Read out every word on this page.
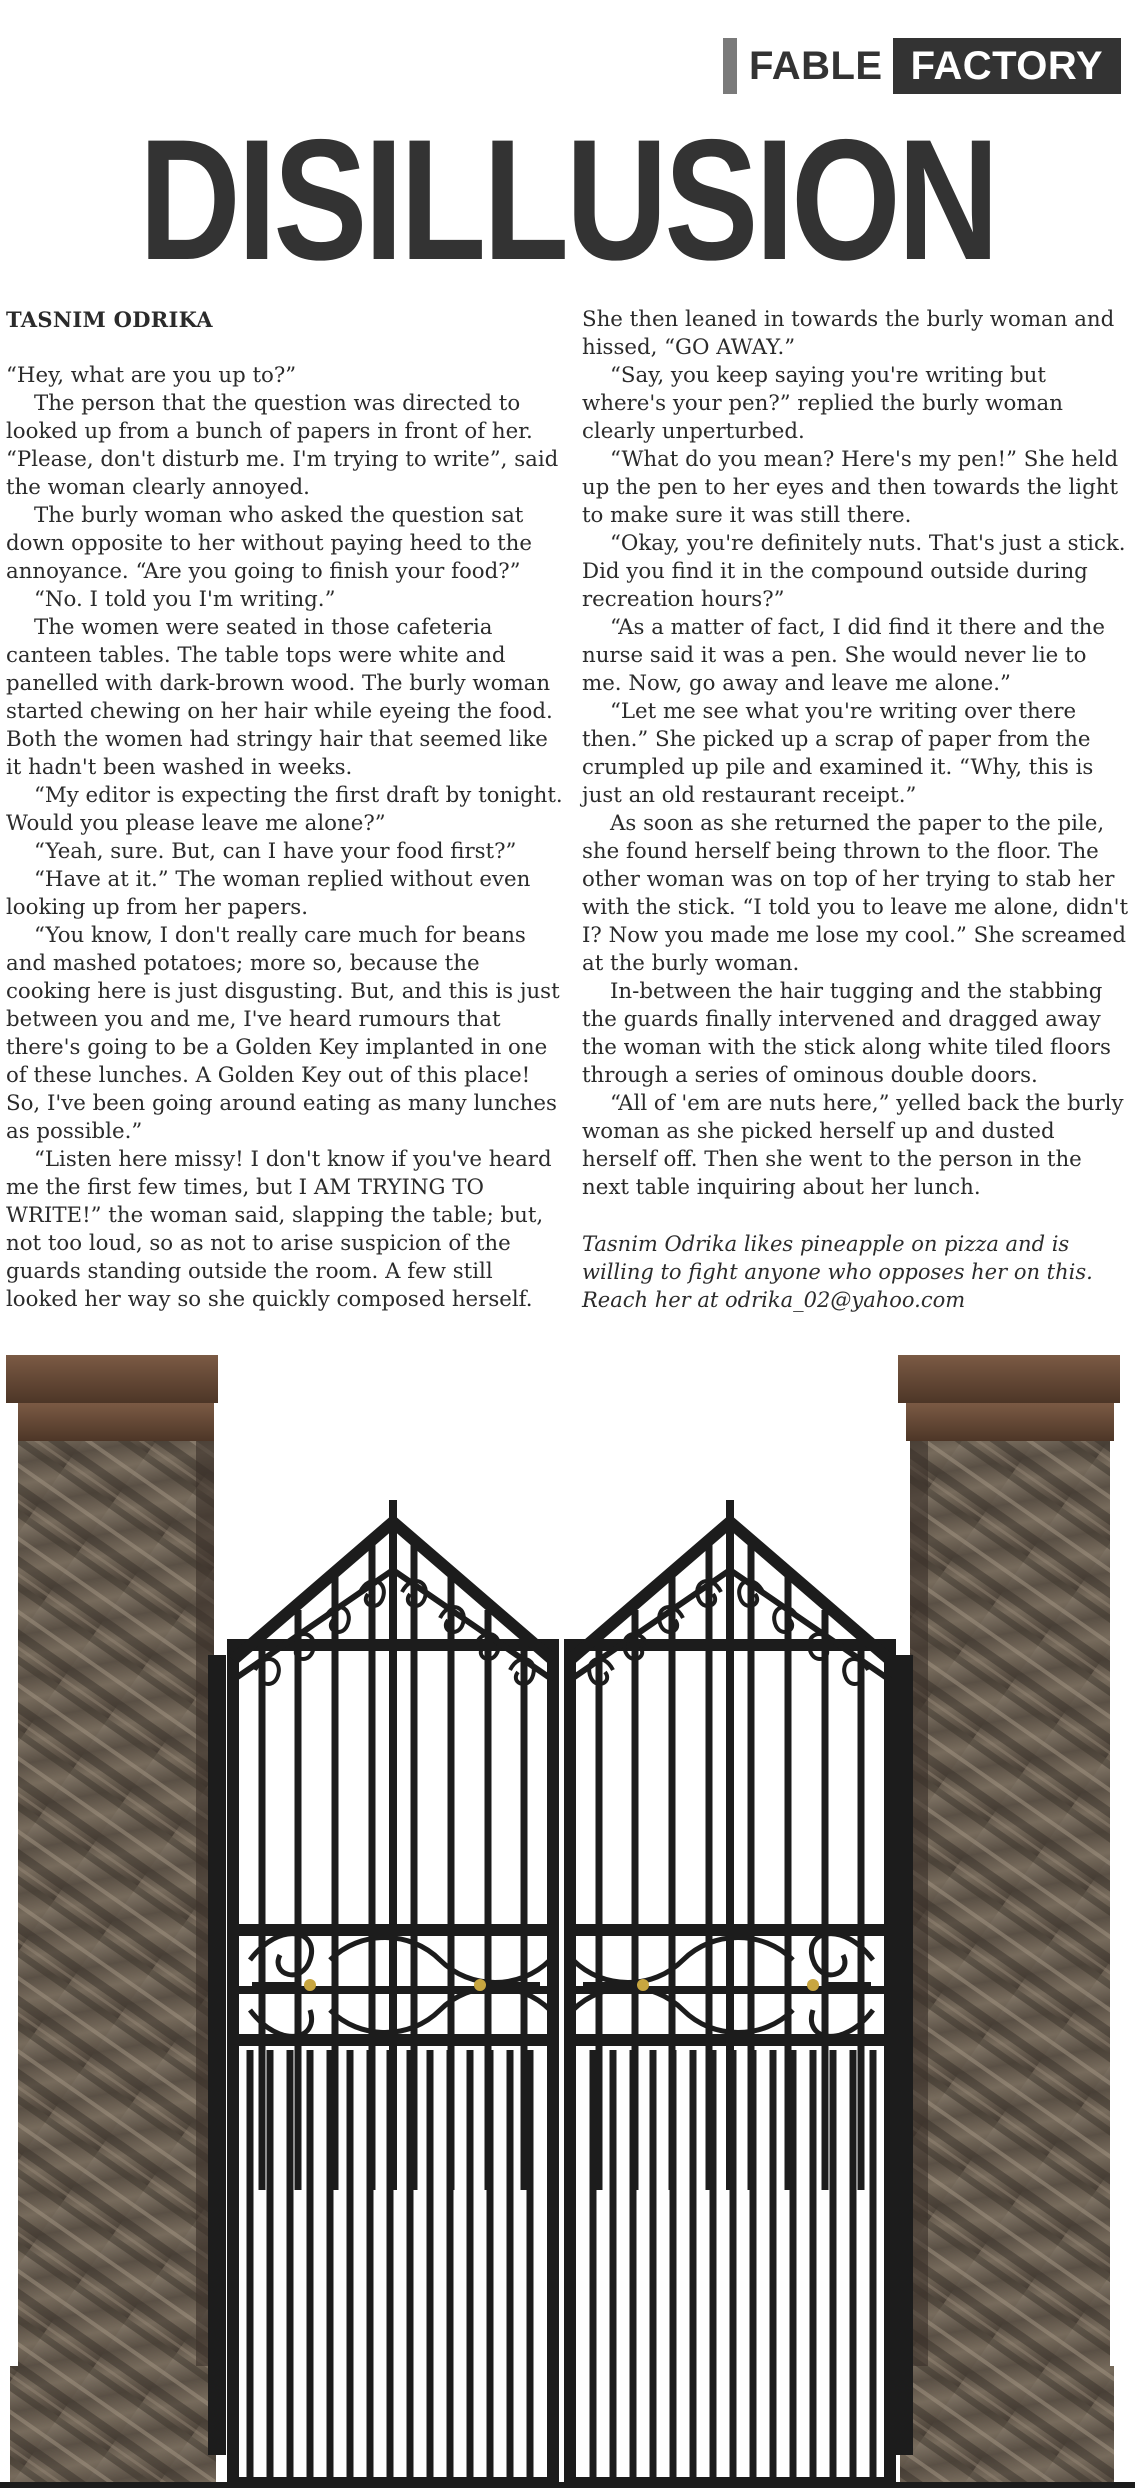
FABLE FACTORY
DISILLUSION
TASNIM ODRIKA

“Hey, what are you up to?”

The person that the question was directed to looked up from a bunch of papers in front of her. “Please, don't disturb me. I'm trying to write”, said the woman clearly annoyed.

The burly woman who asked the question sat down opposite to her without paying heed to the annoyance. “Are you going to finish your food?”

“No. I told you I'm writing.”

The women were seated in those cafeteria canteen tables. The table tops were white and panelled with dark-brown wood. The burly woman started chewing on her hair while eyeing the food. Both the women had stringy hair that seemed like it hadn't been washed in weeks.

“My editor is expecting the first draft by tonight. Would you please leave me alone?”

“Yeah, sure. But, can I have your food first?”

“Have at it.” The woman replied without even looking up from her papers.

“You know, I don't really care much for beans and mashed potatoes; more so, because the cooking here is just disgusting. But, and this is just between you and me, I've heard rumours that there's going to be a Golden Key implanted in one of these lunches. A Golden Key out of this place! So, I've been going around eating as many lunches as possible.”

“Listen here missy! I don't know if you've heard me the first few times, but I AM TRYING TO WRITE!” the woman said, slapping the table; but, not too loud, so as not to arise suspicion of the guards standing outside the room. A few still looked her way so she quickly composed herself.

She then leaned in towards the burly woman and hissed, “GO AWAY.”

“Say, you keep saying you're writing but where's your pen?” replied the burly woman clearly unperturbed.

“What do you mean? Here's my pen!” She held up the pen to her eyes and then towards the light to make sure it was still there.

“Okay, you're definitely nuts. That's just a stick. Did you find it in the compound outside during recreation hours?”

“As a matter of fact, I did find it there and the nurse said it was a pen. She would never lie to me. Now, go away and leave me alone.”

“Let me see what you're writing over there then.” She picked up a scrap of paper from the crumpled up pile and examined it. “Why, this is just an old restaurant receipt.”

As soon as she returned the paper to the pile, she found herself being thrown to the floor. The other woman was on top of her trying to stab her with the stick. “I told you to leave me alone, didn't I? Now you made me lose my cool.” She screamed at the burly woman.

In-between the hair tugging and the stabbing the guards finally intervened and dragged away the woman with the stick along white tiled floors through a series of ominous double doors.

“All of 'em are nuts here,” yelled back the burly woman as she picked herself up and dusted herself off. Then she went to the person in the next table inquiring about her lunch.

Tasnim Odrika likes pineapple on pizza and is willing to fight anyone who opposes her on this. Reach her at odrika_02@yahoo.com
